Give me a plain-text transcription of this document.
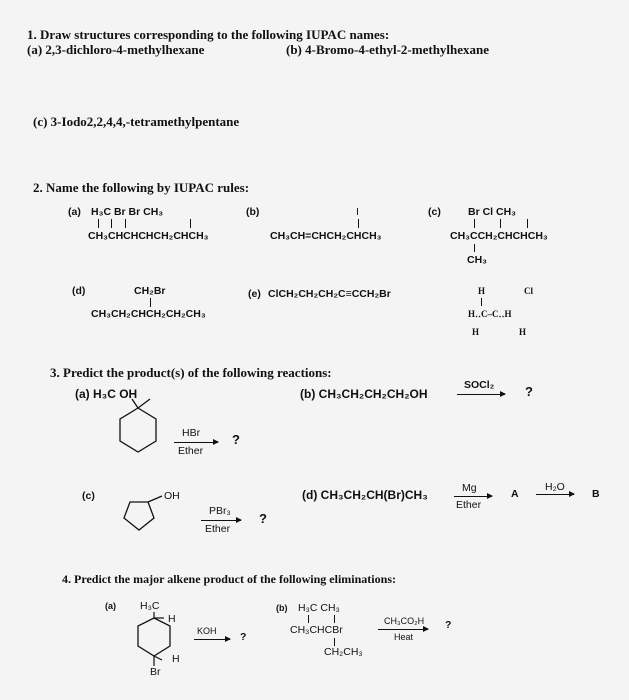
1. Draw structures corresponding to the following IUPAC names:
(a) 2,3-dichloro-4-methylhexane	(b) 4-Bromo-4-ethyl-2-methylhexane
(c) 3-Iodo2,2,4,4,-tetramethylpentane
2. Name the following by IUPAC rules:
(a) H₃C Br Br CH₃
CH₃CHCHCHCH₂CHCH₃
(b)	I
CH₃CH=CHCH₂CHCH₃
(c)	Br Cl CH₃
CH₃CCH₂CHCHCH₃
CH₃
(d)	CH₂Br
CH₃CH₂CHCH₂CH₂CH₃
(e) ClCH₂CH₂CH₂C≡CCH₂Br	H	Cl
H․․C–C․․H
H	H
3. Predict the product(s) of the following reactions:
(a) H₃C OH
HBr
Ether
?
(b) CH₃CH₂CH₂CH₂OH
SOCl₂ ?
(c)	OH
PBr₃
Ether
?
(d) CH₃CH₂CH(Br)CH₃	Mg
Ether
A
H₂O
B
4. Predict the major alkene product of the following eliminations:
(a) H₃C
H
H
Br
KOH ?
(b) H₃C CH₃
CH₃CHCBr
CH₂CH₃
CH₃CO₂H
Heat
?
